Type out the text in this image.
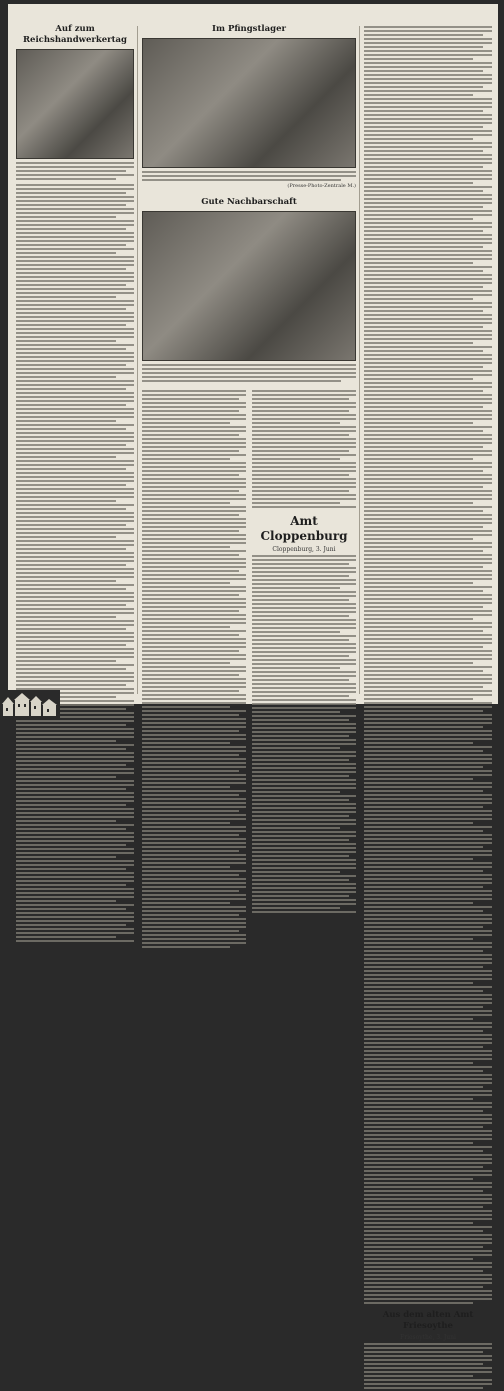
Auf zum Reichshandwerkertag

Im Pfingstlager

(Presse-Photo-Zentrale M.)

Gute Nachbarschaft

Amt Cloppenburg

Cloppenburg, 3. Juni

Aus dem alten Amt Friesoythe

Friesoythe, 3. Juni
